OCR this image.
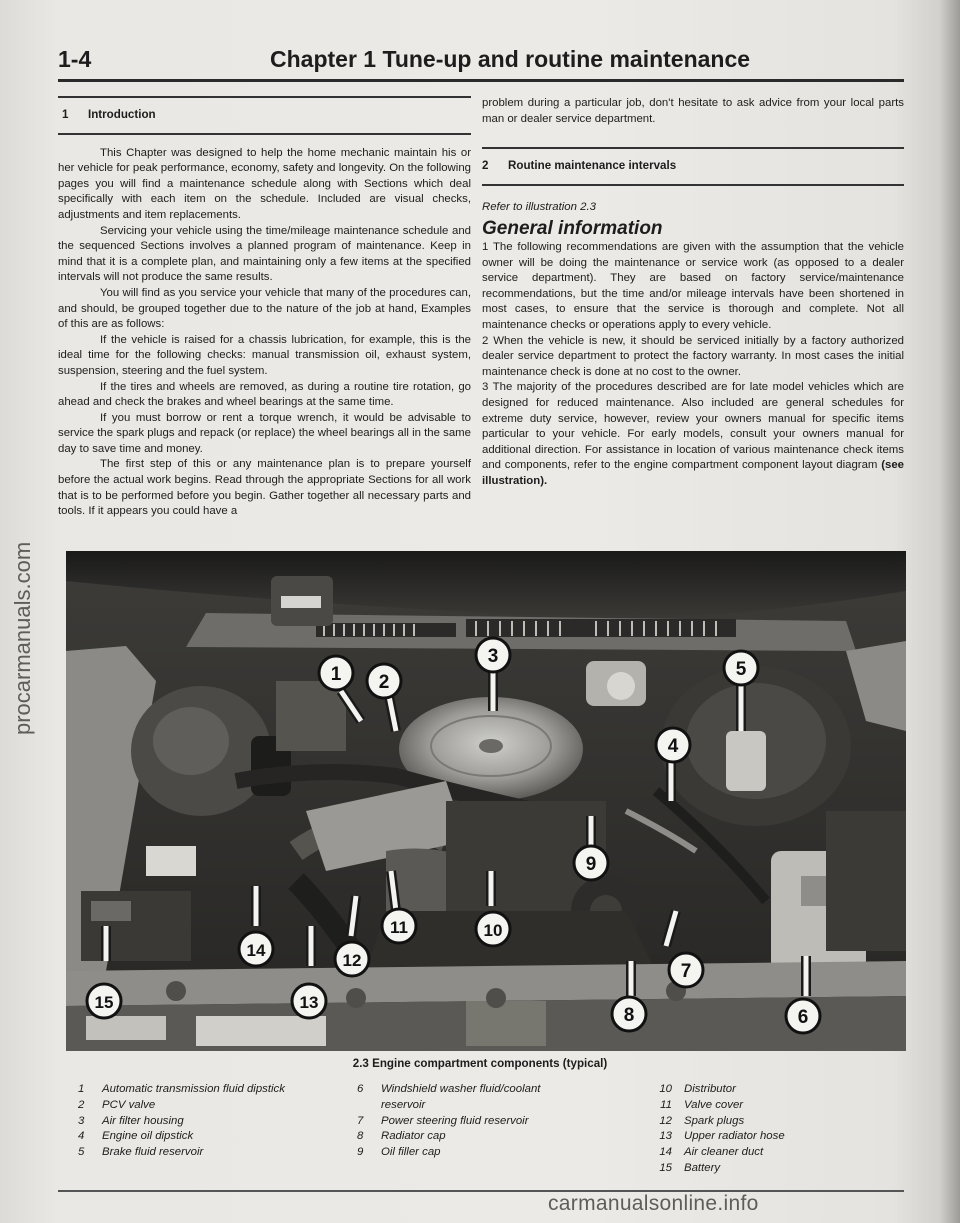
procarmanuals.com
1-4	Chapter 1 Tune-up and routine maintenance
1 Introduction

This Chapter was designed to help the home mechanic maintain his or her vehicle for peak performance, economy, safety and longevity. On the following pages you will find a maintenance schedule along with Sections which deal specifically with each item on the schedule. Included are visual checks, adjustments and item replacements.

Servicing your vehicle using the time/mileage maintenance schedule and the sequenced Sections involves a planned program of maintenance. Keep in mind that it is a complete plan, and maintaining only a few items at the specified intervals will not produce the same results.

You will find as you service your vehicle that many of the procedures can, and should, be grouped together due to the nature of the job at hand, Examples of this are as follows:

If the vehicle is raised for a chassis lubrication, for example, this is the ideal time for the following checks: manual transmission oil, exhaust system, suspension, steering and the fuel system.

If the tires and wheels are removed, as during a routine tire rotation, go ahead and check the brakes and wheel bearings at the same time.

If you must borrow or rent a torque wrench, it would be advisable to service the spark plugs and repack (or replace) the wheel bearings all in the same day to save time and money.

The first step of this or any maintenance plan is to prepare yourself before the actual work begins. Read through the appropriate Sections for all work that is to be performed before you begin. Gather together all necessary parts and tools. If it appears you could have a

problem during a particular job, don't hesitate to ask advice from your local parts man or dealer service department.

2 Routine maintenance intervals
Refer to illustration 2.3
General information

1 The following recommendations are given with the assumption that the vehicle owner will be doing the maintenance or service work (as opposed to a dealer service department). They are based on factory service/maintenance recommendations, but the time and/or mileage intervals have been shortened in most cases, to ensure that the service is thorough and complete. Not all maintenance checks or operations apply to every vehicle.

2 When the vehicle is new, it should be serviced initially by a factory authorized dealer service department to protect the factory warranty. In most cases the initial maintenance check is done at no cost to the owner.

3 The majority of the procedures described are for late model vehicles which are designed for reduced maintenance. Also included are general schedules for extreme duty service, however, review your owners manual for specific items particular to your vehicle. For early models, consult your owners manual for additional direction. For assistance in location of various maintenance check items and components, refer to the engine compartment component layout diagram (see illustration).

1 2
3
4
5
6
7
8
9
10
11
12
13
14
15
2.3 Engine compartment components (typical)
1 Automatic transmission fluid dipstick
2 PCV valve
3 Air filter housing
4 Engine oil dipstick
5 Brake fluid reservoir
6 Windshield washer fluid/coolant
reservoir
7 Power steering fluid reservoir
8 Radiator cap
9 Oil filler cap
10 Distributor
11 Valve cover
12 Spark plugs
13 Upper radiator hose
14 Air cleaner duct
15 Battery
carmanualsonline.info
